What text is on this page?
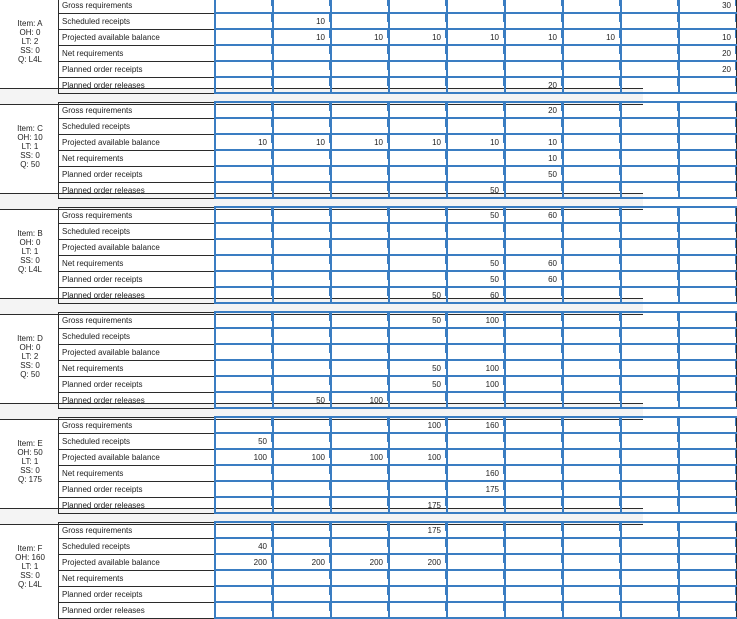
Item: A
OH: 0
LT: 2
SS: 0
Q: L4L
Gross requirements									30
Scheduled receipts		10							
Projected available balance		10	10	10	10	10	10		10
Net requirements									20
Planned order receipts									20
Planned order releases						20			
Item: C
OH: 10
LT: 1
SS: 0
Q: 50
Gross requirements						20			
Scheduled receipts									
Projected available balance	10	10	10	10	10	10			
Net requirements						10			
Planned order receipts						50			
Planned order releases					50				
Item: B
OH: 0
LT: 1
SS: 0
Q: L4L
Gross requirements					50	60			
Scheduled receipts									
Projected available balance									
Net requirements					50	60			
Planned order receipts					50	60			
Planned order releases				50	60				
Item: D
OH: 0
LT: 2
SS: 0
Q: 50
Gross requirements				50	100				
Scheduled receipts									
Projected available balance									
Net requirements				50	100				
Planned order receipts				50	100				
Planned order releases		50	100						
Item: E
OH: 50
LT: 1
SS: 0
Q: 175
Gross requirements				100	160				
Scheduled receipts	50								
Projected available balance	100	100	100	100					
Net requirements					160				
Planned order receipts					175				
Planned order releases				175					
Item: F
OH: 160
LT: 1
SS: 0
Q: L4L
Gross requirements				175					
Scheduled receipts	40								
Projected available balance	200	200	200	200					
Net requirements									
Planned order receipts									
Planned order releases									
